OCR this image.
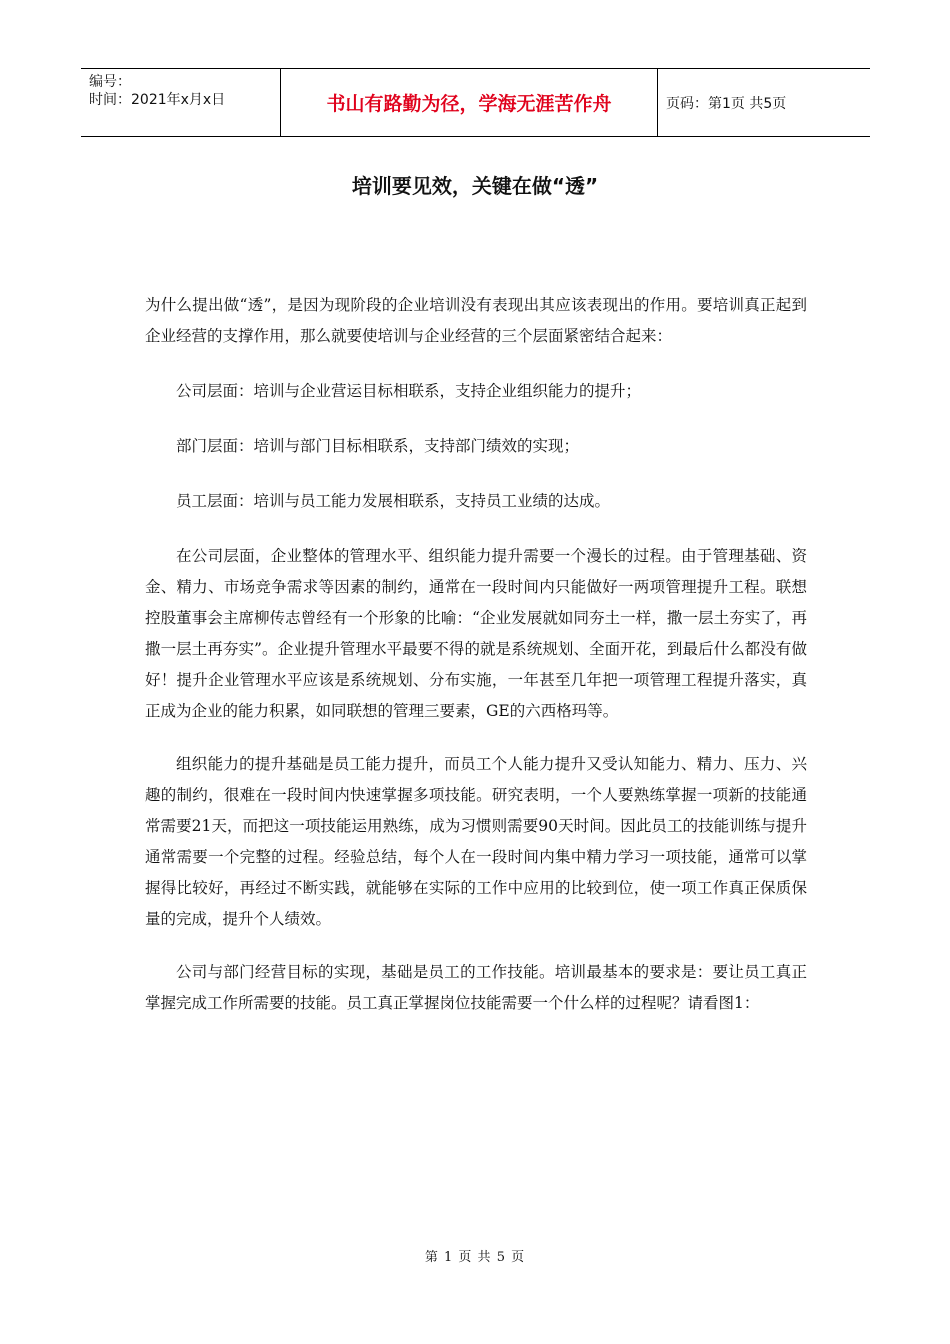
编号：
时间：2021年x月x日	书山有路勤为径，学海无涯苦作舟	页码：第1页 共5页
培训要见效，关键在做“透”

为什么提出做“透”，是因为现阶段的企业培训没有表现出其应该表现出的作用。要培训真正起到企业经营的支撑作用，那么就要使培训与企业经营的三个层面紧密结合起来：

公司层面：培训与企业营运目标相联系，支持企业组织能力的提升；

部门层面：培训与部门目标相联系，支持部门绩效的实现；

员工层面：培训与员工能力发展相联系，支持员工业绩的达成。

在公司层面，企业整体的管理水平、组织能力提升需要一个漫长的过程。由于管理基础、资金、精力、市场竞争需求等因素的制约，通常在一段时间内只能做好一两项管理提升工程。联想控股董事会主席柳传志曾经有一个形象的比喻：“企业发展就如同夯土一样，撒一层土夯实了，再撒一层土再夯实”。企业提升管理水平最要不得的就是系统规划、全面开花，到最后什么都没有做好！提升企业管理水平应该是系统规划、分布实施，一年甚至几年把一项管理工程提升落实，真正成为企业的能力积累，如同联想的管理三要素，GE的六西格玛等。

组织能力的提升基础是员工能力提升，而员工个人能力提升又受认知能力、精力、压力、兴趣的制约，很难在一段时间内快速掌握多项技能。研究表明，一个人要熟练掌握一项新的技能通常需要21天，而把这一项技能运用熟练，成为习惯则需要90天时间。因此员工的技能训练与提升通常需要一个完整的过程。经验总结，每个人在一段时间内集中精力学习一项技能，通常可以掌握得比较好，再经过不断实践，就能够在实际的工作中应用的比较到位，使一项工作真正保质保量的完成，提升个人绩效。

公司与部门经营目标的实现，基础是员工的工作技能。培训最基本的要求是：要让员工真正掌握完成工作所需要的技能。员工真正掌握岗位技能需要一个什么样的过程呢？请看图1：

第 1 页 共 5 页
